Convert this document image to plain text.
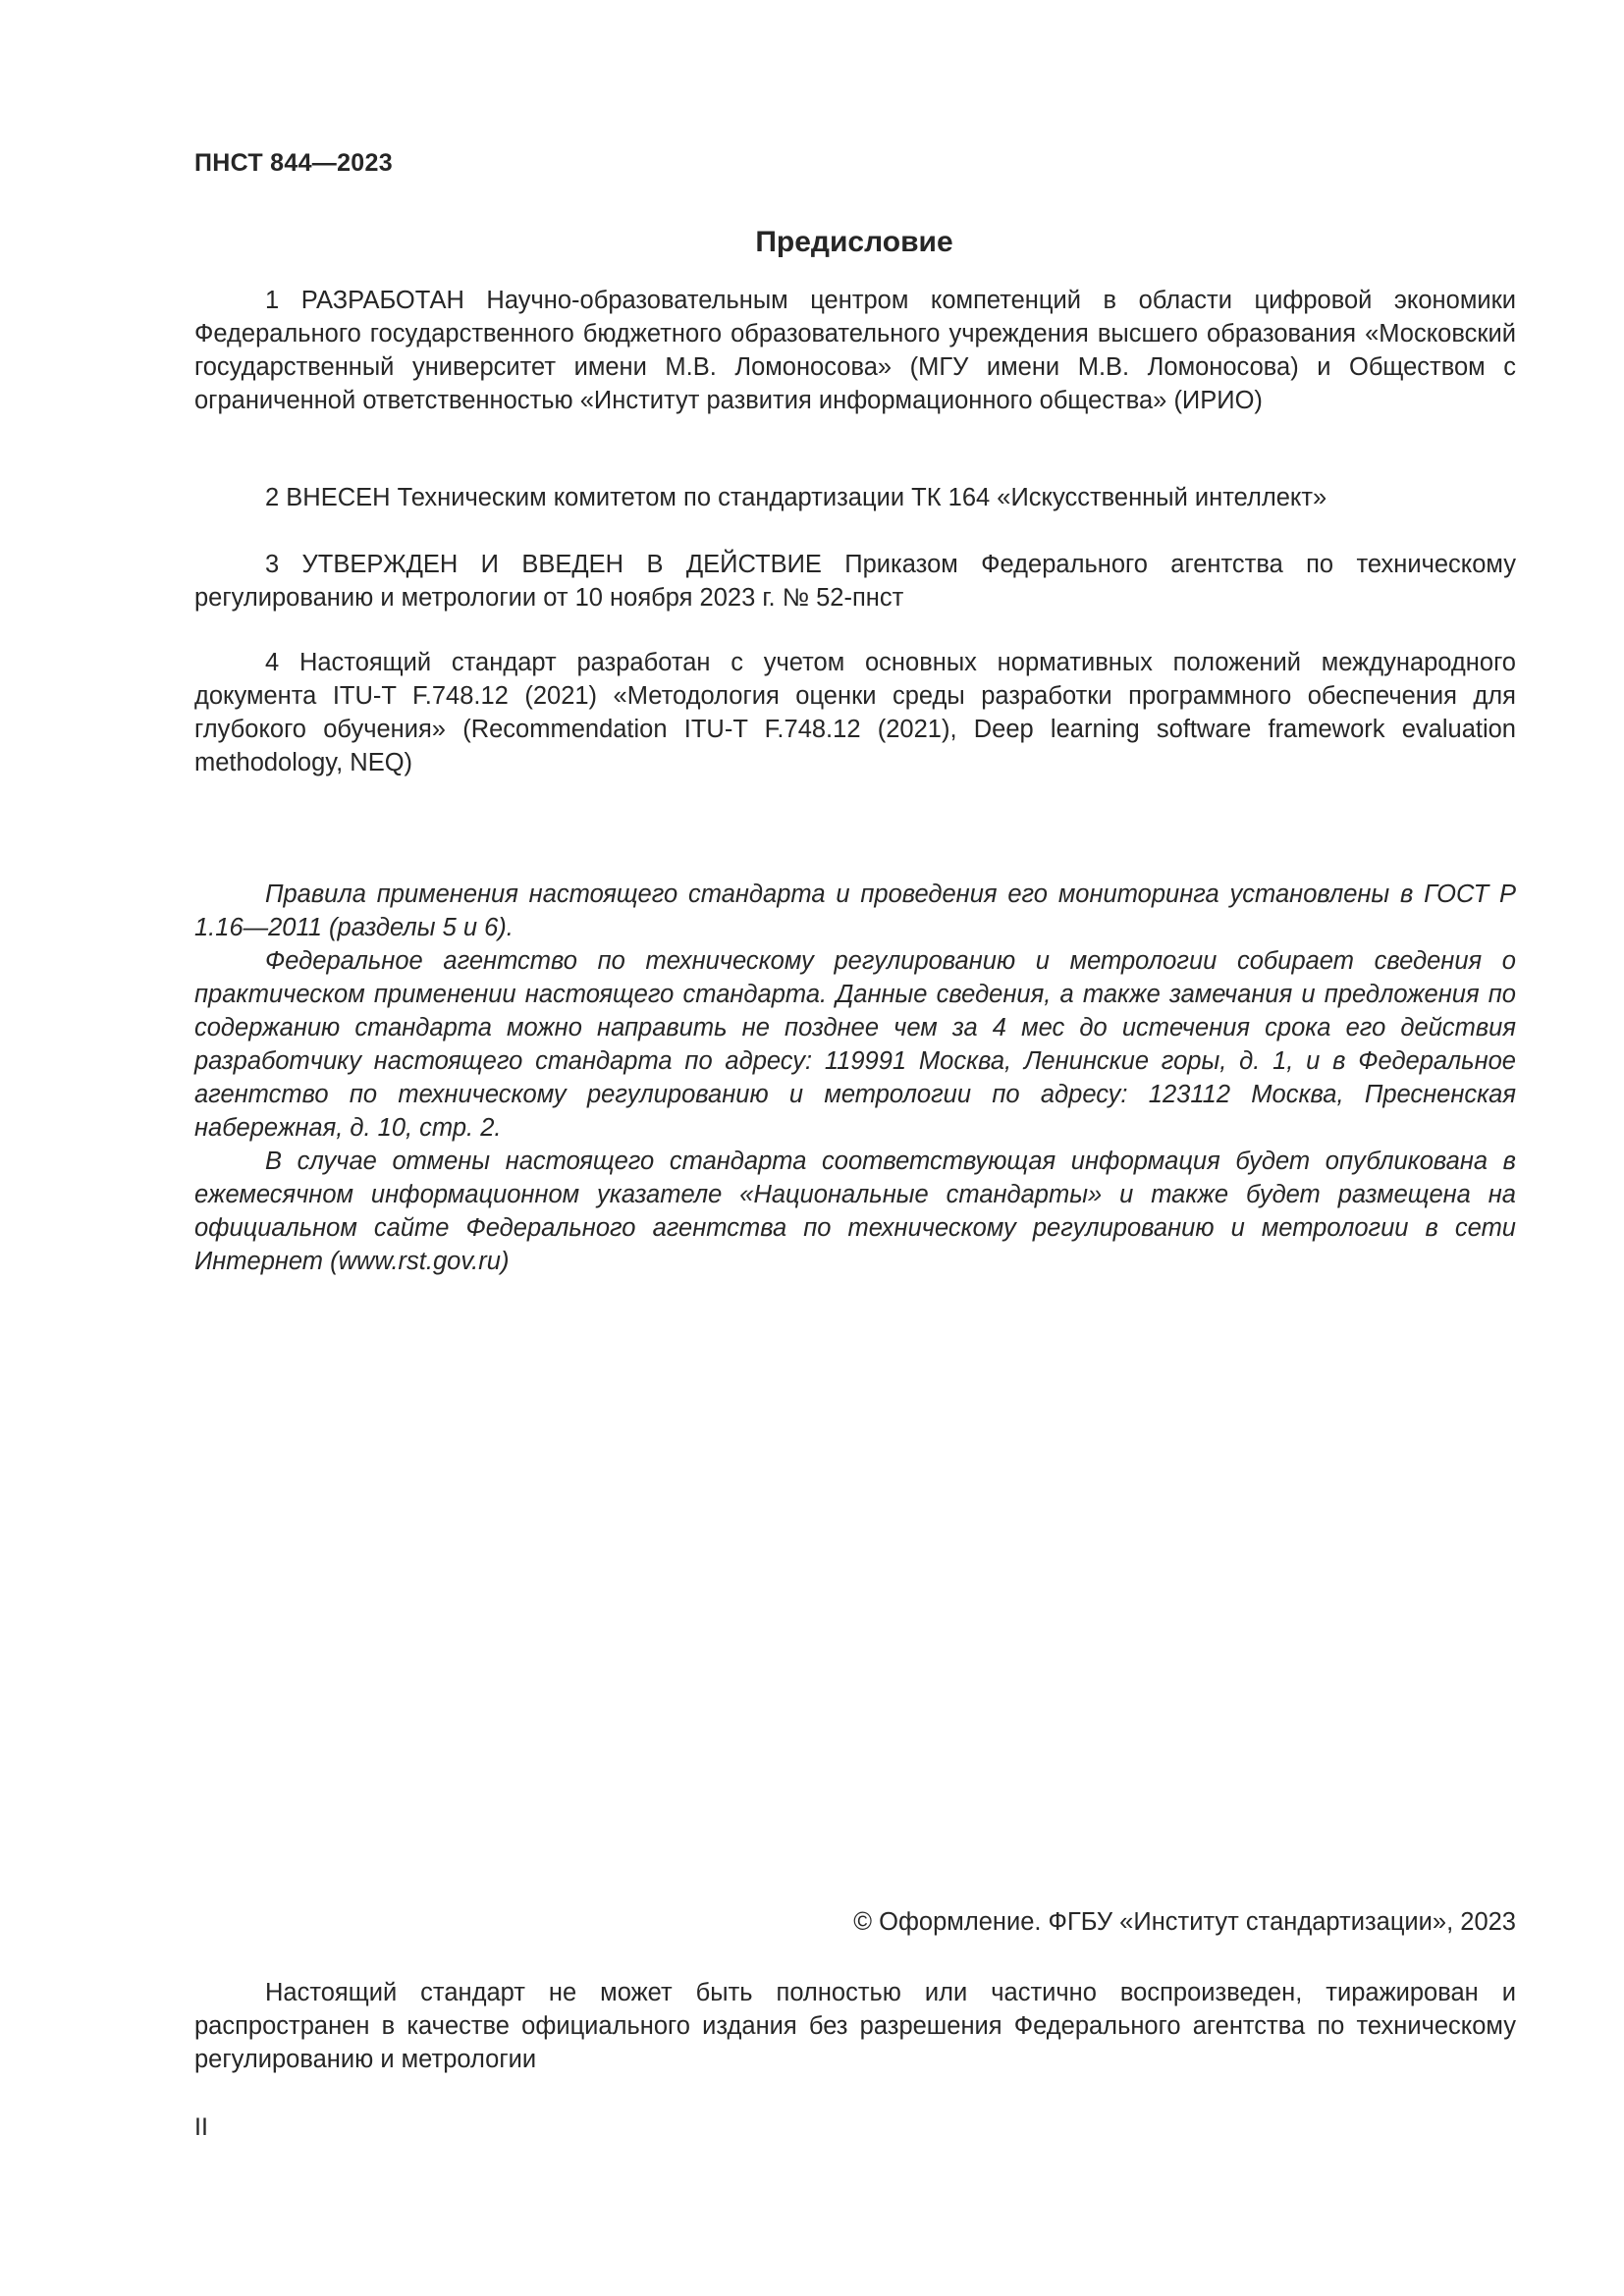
ПНСТ 844—2023
Предисловие

1 РАЗРАБОТАН Научно-образовательным центром компетенций в области цифровой экономики Федерального государственного бюджетного образовательного учреждения высшего образования «Московский государственный университет имени М.В. Ломоносова» (МГУ имени М.В. Ломоносова) и Обществом с ограниченной ответственностью «Институт развития информационного общества» (ИРИО)

2 ВНЕСЕН Техническим комитетом по стандартизации ТК 164 «Искусственный интеллект»

3 УТВЕРЖДЕН И ВВЕДЕН В ДЕЙСТВИЕ Приказом Федерального агентства по техническому регулированию и метрологии от 10 ноября 2023 г. № 52-пнст

4 Настоящий стандарт разработан с учетом основных нормативных положений международного документа ITU-T F.748.12 (2021) «Методология оценки среды разработки программного обеспечения для глубокого обучения» (Recommendation ITU-T F.748.12 (2021), Deep learning software framework evaluation methodology, NEQ)

Правила применения настоящего стандарта и проведения его мониторинга установлены в ГОСТ Р 1.16—2011 (разделы 5 и 6).

Федеральное агентство по техническому регулированию и метрологии собирает сведения о практическом применении настоящего стандарта. Данные сведения, а также замечания и предложения по содержанию стандарта можно направить не позднее чем за 4 мес до истечения срока его действия разработчику настоящего стандарта по адресу: 119991 Москва, Ленинские горы, д. 1, и в Федеральное агентство по техническому регулированию и метрологии по адресу: 123112 Москва, Пресненская набережная, д. 10, стр. 2.

В случае отмены настоящего стандарта соответствующая информация будет опубликована в ежемесячном информационном указателе «Национальные стандарты» и также будет размещена на официальном сайте Федерального агентства по техническому регулированию и метрологии в сети Интернет (www.rst.gov.ru)

© Оформление. ФГБУ «Институт стандартизации», 2023

Настоящий стандарт не может быть полностью или частично воспроизведен, тиражирован и распространен в качестве официального издания без разрешения Федерального агентства по техническому регулированию и метрологии

II
